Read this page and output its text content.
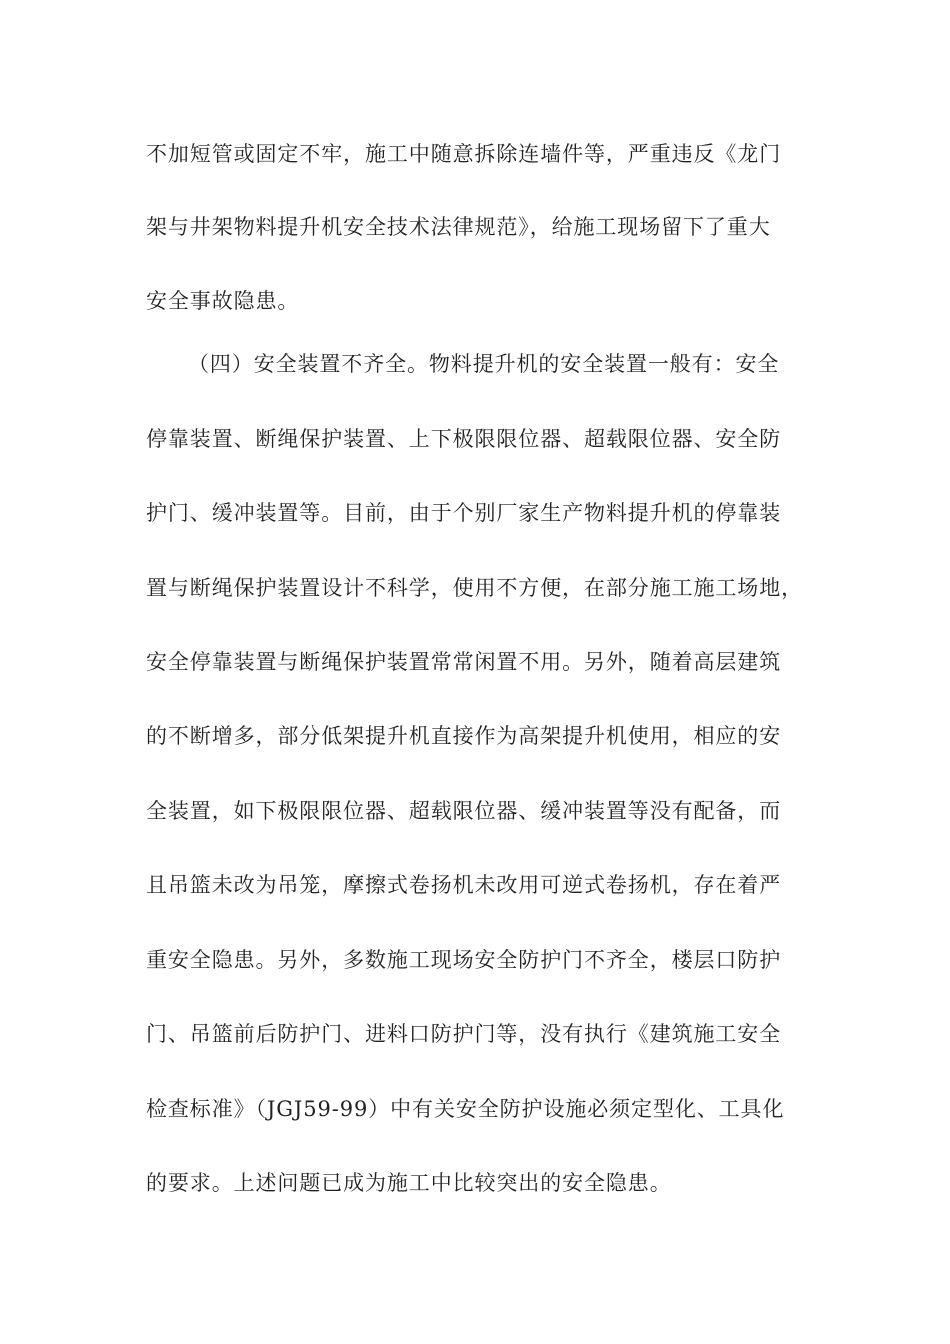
不加短管或固定不牢，施工中随意拆除连墙件等，严重违反《龙门

架与井架物料提升机安全技术法律规范》，给施工现场留下了重大

安全事故隐患。

（四）安全装置不齐全。物料提升机的安全装置一般有：安全

停靠装置、断绳保护装置、上下极限限位器、超载限位器、安全防

护门、缓冲装置等。目前，由于个别厂家生产物料提升机的停靠装

置与断绳保护装置设计不科学，使用不方便，在部分施工施工场地，

安全停靠装置与断绳保护装置常常闲置不用。另外，随着高层建筑

的不断增多，部分低架提升机直接作为高架提升机使用，相应的安

全装置，如下极限限位器、超载限位器、缓冲装置等没有配备，而

且吊篮未改为吊笼，摩擦式卷扬机未改用可逆式卷扬机，存在着严

重安全隐患。另外，多数施工现场安全防护门不齐全，楼层口防护

门、吊篮前后防护门、进料口防护门等，没有执行《建筑施工安全

检查标准》（JGJ59-99）中有关安全防护设施必须定型化、工具化

的要求。上述问题已成为施工中比较突出的安全隐患。
